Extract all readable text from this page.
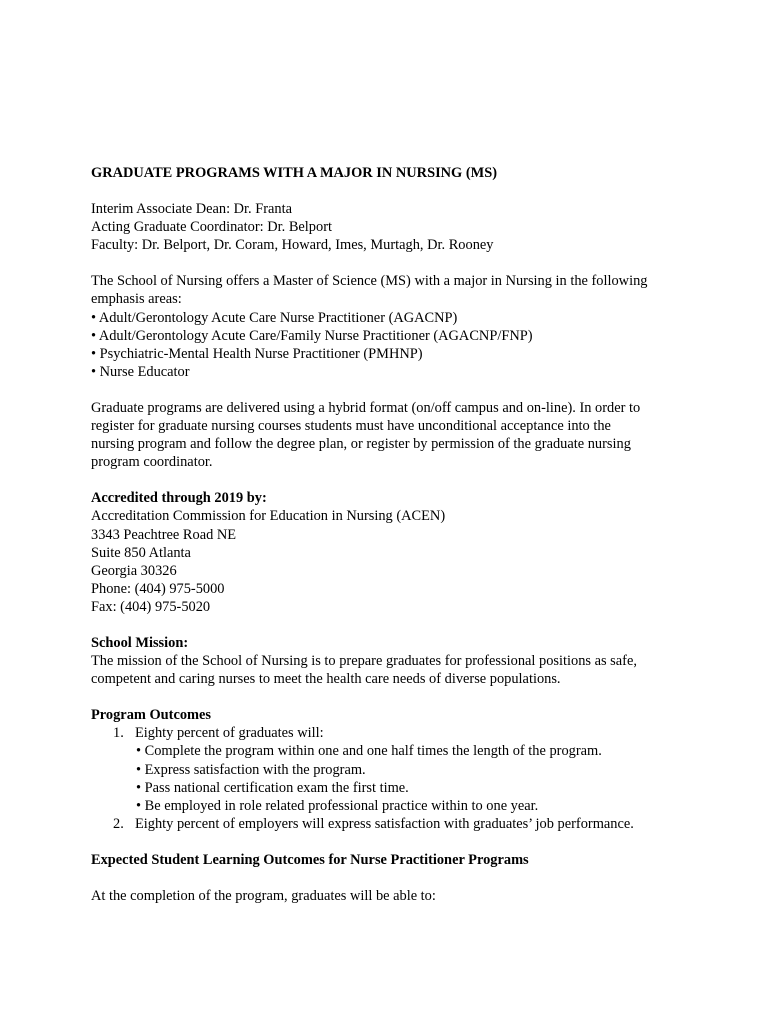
GRADUATE PROGRAMS WITH A MAJOR IN NURSING (MS)
Interim Associate Dean: Dr. Franta
Acting Graduate Coordinator: Dr. Belport
Faculty: Dr. Belport, Dr. Coram, Howard, Imes, Murtagh, Dr. Rooney
The School of Nursing offers a Master of Science (MS) with a major in Nursing in the following
emphasis areas:
• Adult/Gerontology Acute Care Nurse Practitioner (AGACNP)
• Adult/Gerontology Acute Care/Family Nurse Practitioner (AGACNP/FNP)
• Psychiatric-Mental Health Nurse Practitioner (PMHNP)
• Nurse Educator
Graduate programs are delivered using a hybrid format (on/off campus and on-line). In order to
register for graduate nursing courses students must have unconditional acceptance into the
nursing program and follow the degree plan, or register by permission of the graduate nursing
program coordinator.
Accredited through 2019 by:
Accreditation Commission for Education in Nursing (ACEN)
3343 Peachtree Road NE
Suite 850 Atlanta
Georgia 30326
Phone: (404) 975-5000
Fax: (404) 975-5020
School Mission:
The mission of the School of Nursing is to prepare graduates for professional positions as safe,
competent and caring nurses to meet the health care needs of diverse populations.
Program Outcomes
1. Eighty percent of graduates will:
• Complete the program within one and one half times the length of the program.
• Express satisfaction with the program.
• Pass national certification exam the first time.
• Be employed in role related professional practice within to one year.
2. Eighty percent of employers will express satisfaction with graduates’ job performance.
Expected Student Learning Outcomes for Nurse Practitioner Programs
At the completion of the program, graduates will be able to:
